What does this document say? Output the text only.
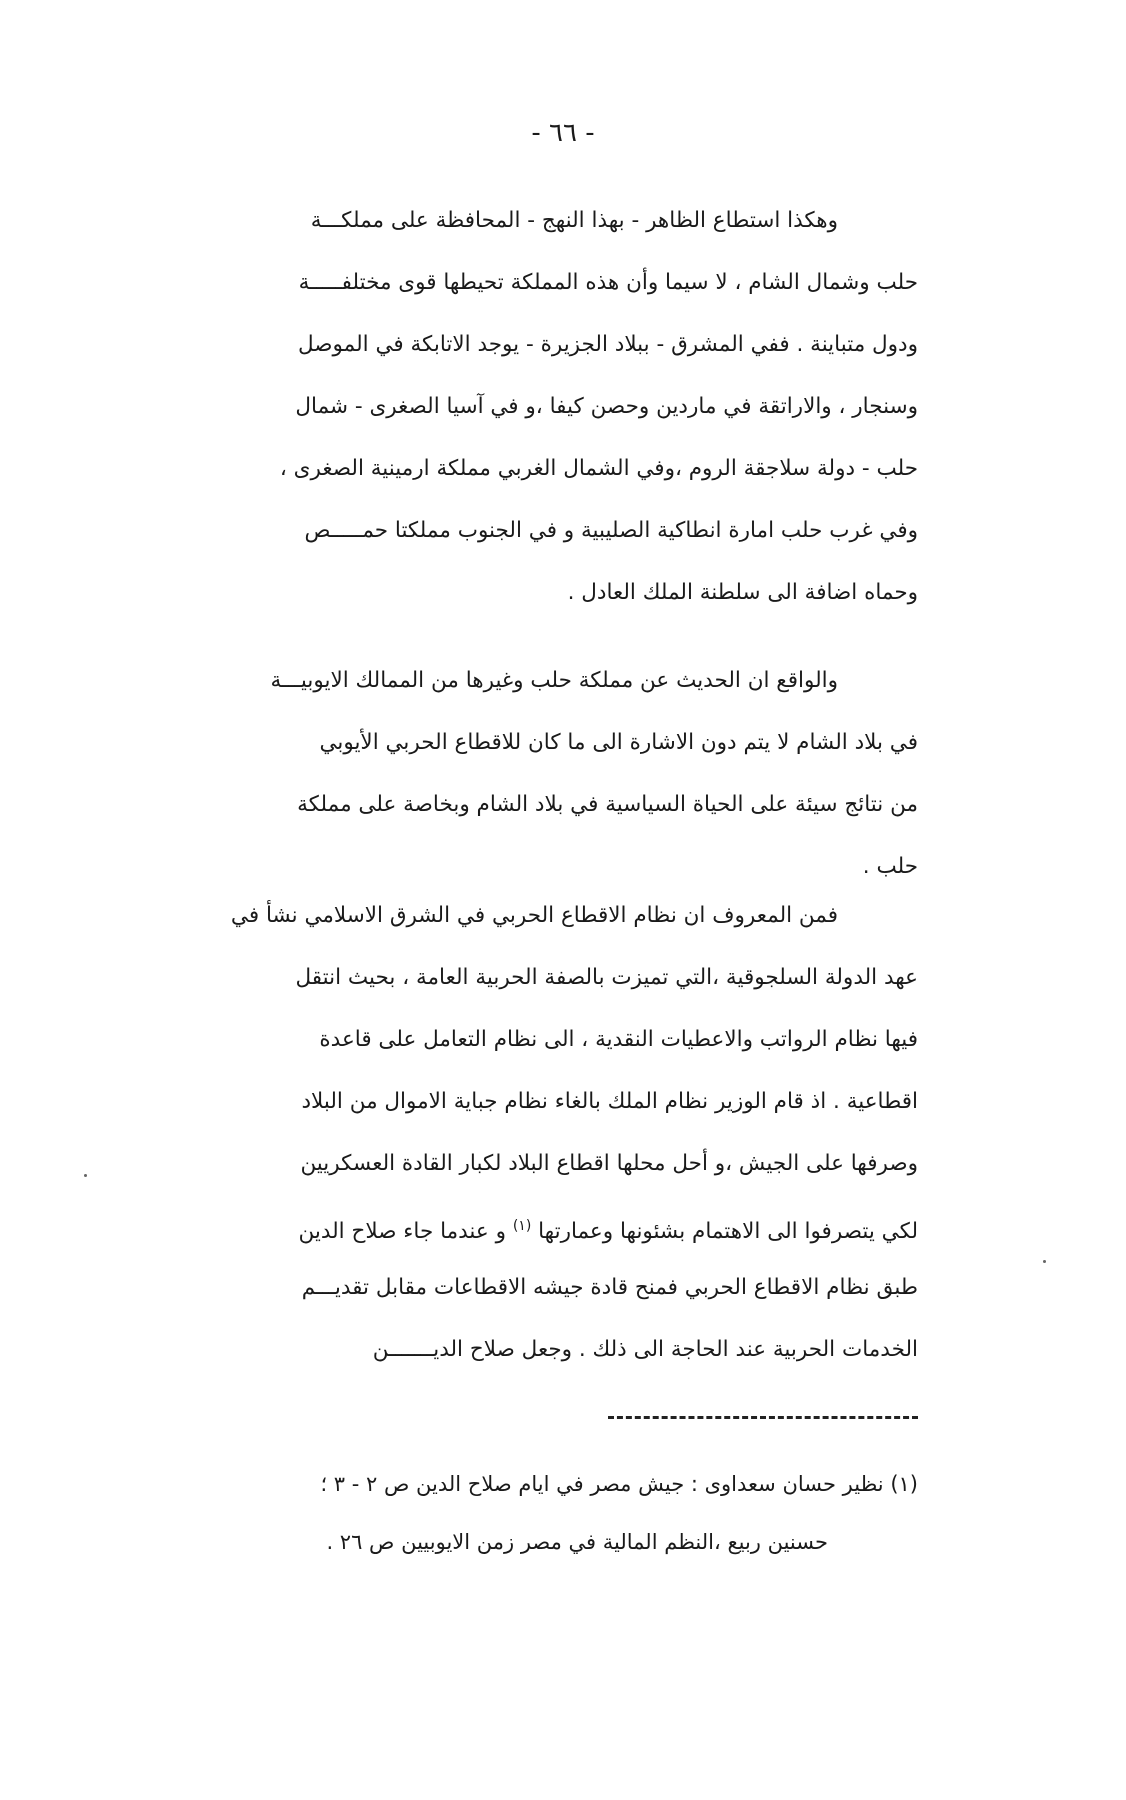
- ٦٦ -
وهكذا استطاع الظاهر - بهذا النهج - المحافظة على مملكـــة
حلب وشمال الشام ، لا سيما وأن هذه المملكة تحيطها قوى مختلفـــــة
ودول متباينة . ففي المشرق - ببلاد الجزيرة - يوجد الاتابكة في الموصل
وسنجار ، والاراتقة في ماردين وحصن كيفا ،و في آسيا الصغرى - شمال
حلب - دولة سلاجقة الروم ،وفي الشمال الغربي مملكة ارمينية الصغرى ،
وفي غرب حلب امارة انطاكية الصليبية و في الجنوب مملكتا حمـــــص
وحماه اضافة الى سلطنة الملك العادل .
والواقع ان الحديث عن مملكة حلب وغيرها من الممالك الايوبيـــة
في بلاد الشام لا يتم دون الاشارة الى ما كان للاقطاع الحربي الأيوبي
من نتائج سيئة على الحياة السياسية في بلاد الشام وبخاصة على مملكة
حلب .
فمن المعروف ان نظام الاقطاع الحربي في الشرق الاسلامي نشأ في
عهد الدولة السلجوقية ،التي تميزت بالصفة الحربية العامة ، بحيث انتقل
فيها نظام الرواتب والاعطيات النقدية ، الى نظام التعامل على قاعدة
اقطاعية . اذ قام الوزير نظام الملك بالغاء نظام جباية الاموال من البلاد
وصرفها على الجيش ،و أحل محلها اقطاع البلاد لكبار القادة العسكريين
لكي يتصرفوا الى الاهتمام بشئونها وعمارتها $^{(١)}$ و عندما جاء صلاح الدين
طبق نظام الاقطاع الحربي فمنح قادة جيشه الاقطاعات مقابل تقديـــم
الخدمات الحربية عند الحاجة الى ذلك . وجعل صلاح الديـــــــن
(١) نظير حسان سعداوى : جيش مصر في ايام صلاح الدين ص ٢ - ٣ ؛
حسنين ربيع ،النظم المالية في مصر زمن الايوبيين ص ٢٦ .
